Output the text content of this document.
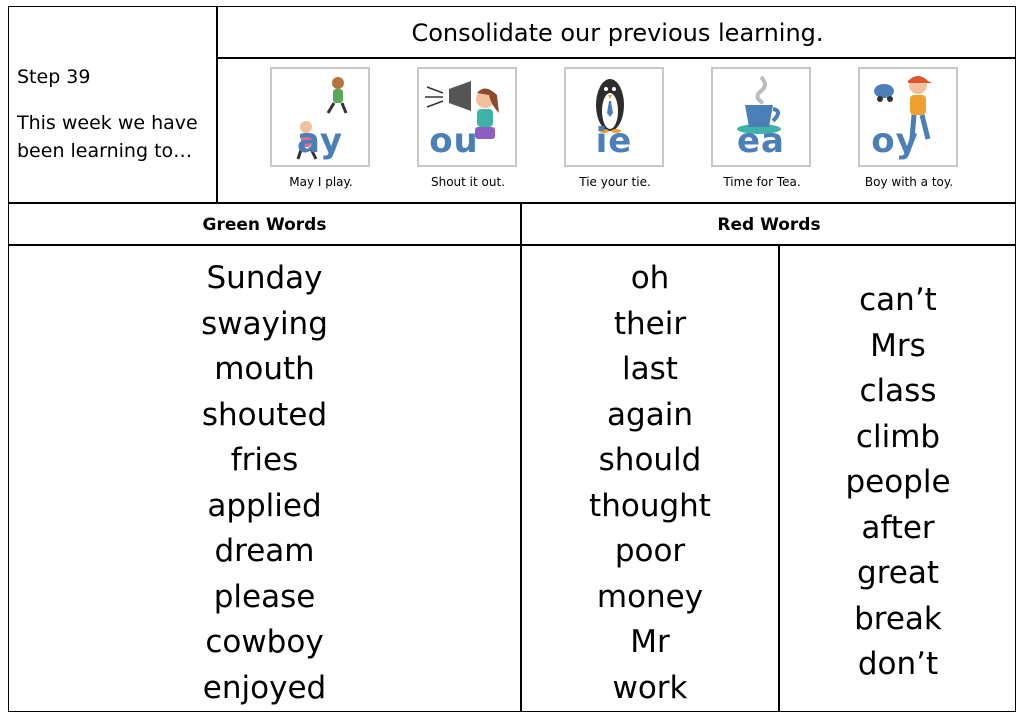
Step 39
This week we have been learning to…
Consolidate our previous learning.
ay
May I play.
ou
Shout it out.
ie
Tie your tie.
ea
Time for Tea.
oy
Boy with a toy.
Green Words	Red Words
Sunday
swaying
mouth
shouted
fries
applied
dream
please
cowboy
enjoyed
oh
their
last
again
should
thought
poor
money
Mr
work
can’t
Mrs
class
climb
people
after
great
break
don’t
